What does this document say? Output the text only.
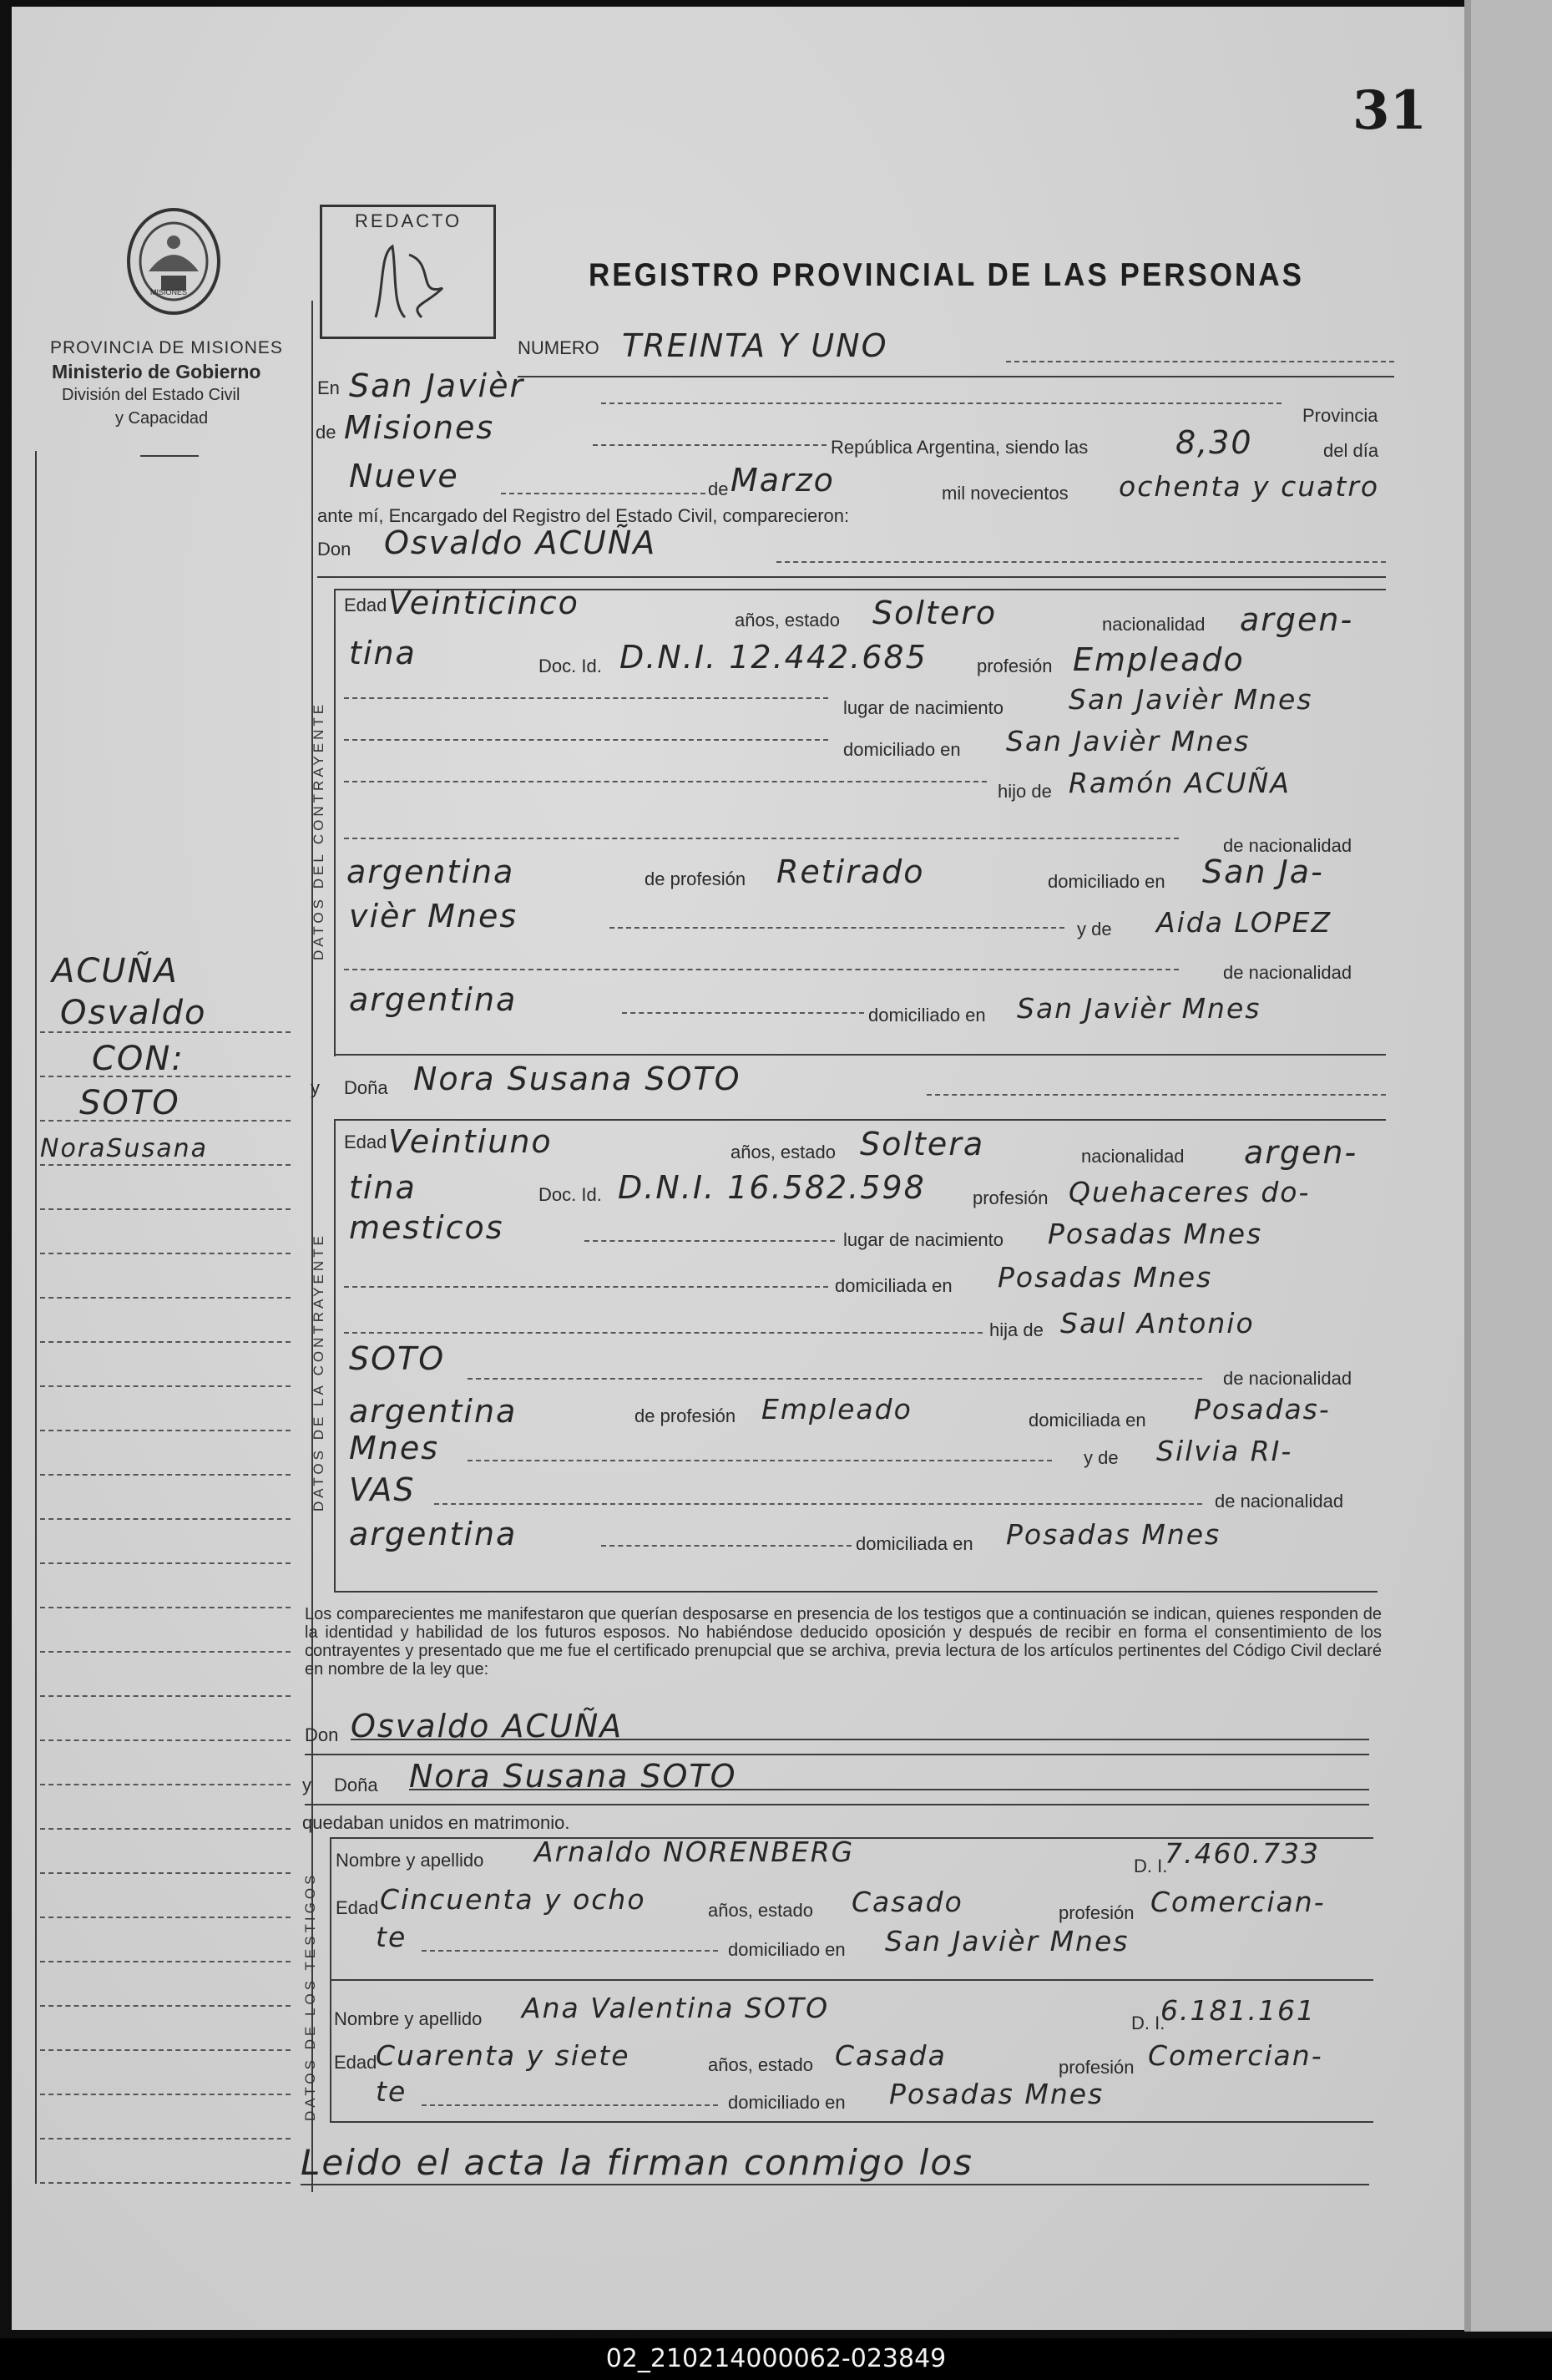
31
MISIONES
PROVINCIA DE MISIONES
Ministerio de Gobierno
División del Estado Civil
y Capacidad
REDACTO
REGISTRO PROVINCIAL DE LAS PERSONAS
ACUÑA
Osvaldo
CON:
SOTO
NoraSusana
NUMERO TREINTA Y UNO
En San Javièr
Provincia
de Misiones
República Argentina, siendo las	8,30	del día
Nueve	de Marzo	mil novecientos ochenta y cuatro
ante mí, Encargado del Registro del Estado Civil, comparecieron:
Don Osvaldo ACUÑA
DATOS DEL CONTRAYENTE
Edad Veinticinco	años, estado Soltero	nacionalidad argen-
tina	Doc. Id. D.N.I. 12.442.685	profesión Empleado
lugar de nacimiento San Javièr Mnes
domiciliado en San Javièr Mnes
hijo de Ramón ACUÑA
de nacionalidad
argentina	de profesión Retirado	domiciliado en San Ja-
vièr Mnes	y de Aida LOPEZ
de nacionalidad
argentina	domiciliado en San Javièr Mnes
y Doña Nora Susana SOTO
DATOS DE LA CONTRAYENTE
Edad Veintiuno	años, estado Soltera	nacionalidad argen-
tina	Doc. Id. D.N.I. 16.582.598	profesión Quehaceres do-
mesticos	lugar de nacimiento Posadas Mnes
domiciliada en Posadas Mnes
hija de Saul Antonio
SOTO
de nacionalidad
argentina	de profesión Empleado	domiciliada en Posadas-
Mnes	y de Silvia RI-
VAS	de nacionalidad
argentina	domiciliada en Posadas Mnes
Los comparecientes me manifestaron que querían desposarse en presencia de los testigos que a continuación se indican, quienes responden de la identidad y habilidad de los futuros esposos. No habiéndose deducido oposición y después de recibir en forma el consentimiento de los contrayentes y presentado que me fue el certificado prenupcial que se archiva, previa lectura de los artículos pertinentes del Código Civil declaré en nombre de la ley que:
Don Osvaldo ACUÑA
y Doña Nora Susana SOTO
quedaban unidos en matrimonio.
DATOS DE LOS TESTIGOS
Nombre y apellido Arnaldo NORENBERG	D. I.
7.460.733
Edad Cincuenta y ocho	años, estado Casado	profesión Comercian-
te	domiciliado en San Javièr Mnes
Nombre y apellido Ana Valentina SOTO	D. I.
6.181.161
Edad
Cuarenta y siete	años, estado Casada	profesión Comercian-
te	domiciliado en Posadas Mnes
Leido el acta la firman conmigo los
02_210214000062-023849
